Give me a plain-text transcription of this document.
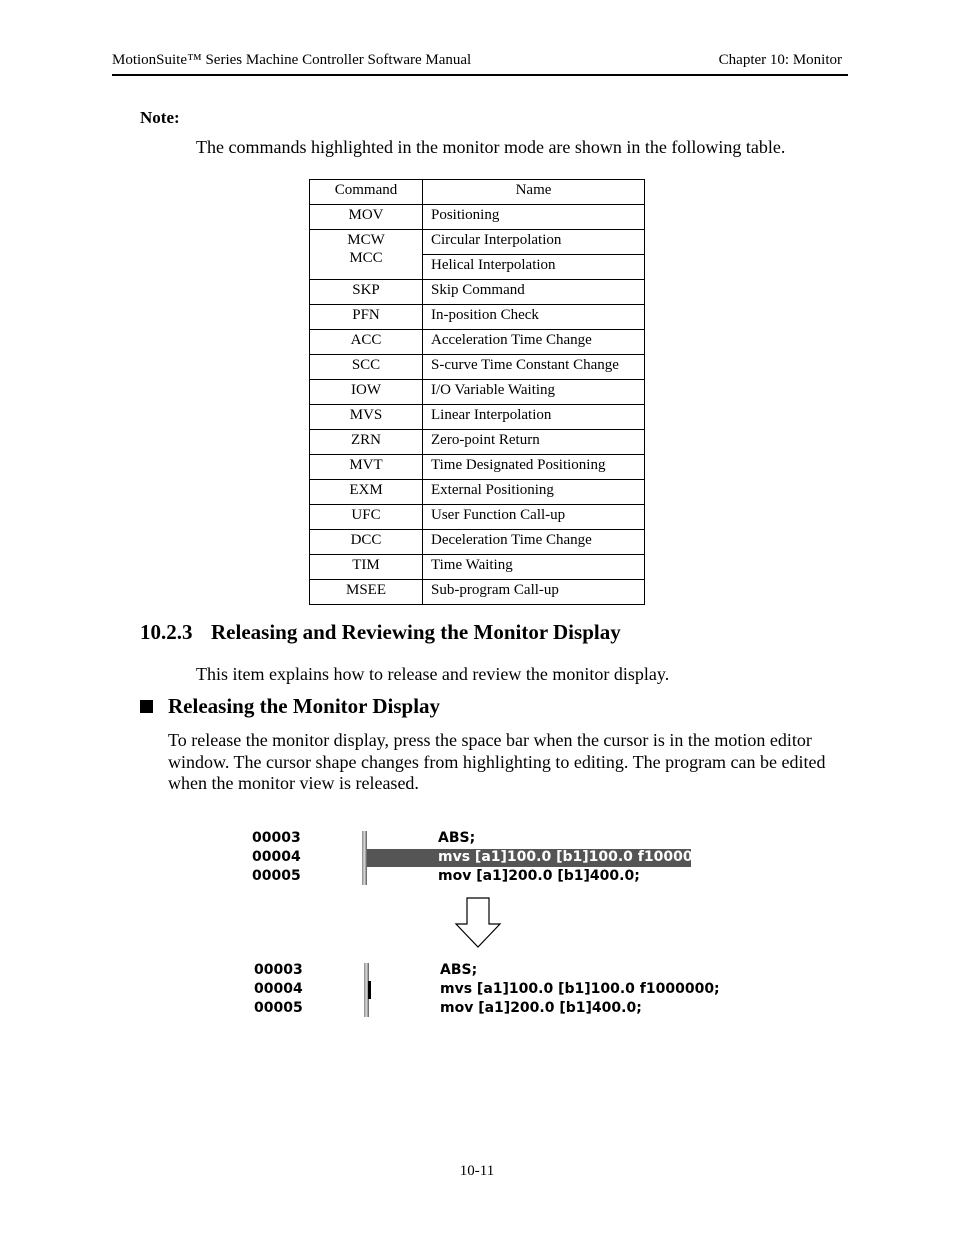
MotionSuite™ Series Machine Controller Software Manual	Chapter 10: Monitor
Note:
The commands highlighted in the monitor mode are shown in the following table.
Command	Name
MOV	Positioning

MCW
MCC	Circular Interpolation
	Helical Interpolation
SKP	Skip Command
PFN	In-position Check
ACC	Acceleration Time Change
SCC	S-curve Time Constant Change
IOW	I/O Variable Waiting
MVS	Linear Interpolation
ZRN	Zero-point Return
MVT	Time Designated Positioning
EXM	External Positioning
UFC	User Function Call-up
DCC	Deceleration Time Change
TIM	Time Waiting
MSEE	Sub-program Call-up
10.2.3 Releasing and Reviewing the Monitor Display
This item explains how to release and review the monitor display.
Releasing the Monitor Display
To release the monitor display, press the space bar when the cursor is in the motion editor window. The cursor shape changes from highlighting to editing. The program can be edited when the monitor view is released.
00003
00004
00005
ABS;
mvs [a1]100.0 [b1]100.0 f1000000;
mov [a1]200.0 [b1]400.0;
00003
00004
00005
ABS;
mvs [a1]100.0 [b1]100.0 f1000000;
mov [a1]200.0 [b1]400.0;
10-11
